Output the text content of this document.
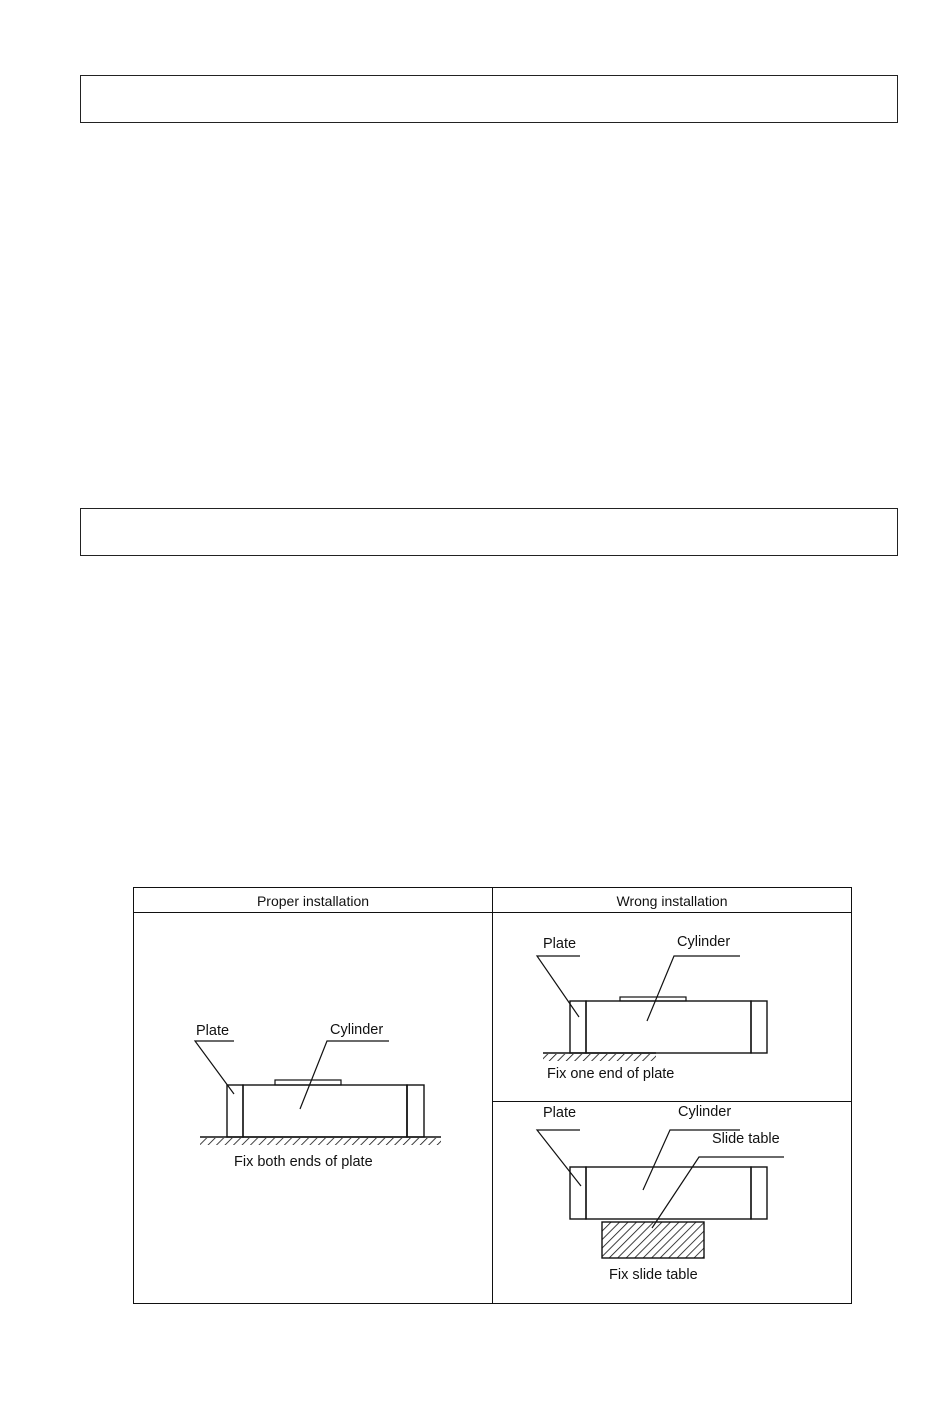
Proper installation	Wrong installation
Plate	Cylinder
Fix both ends of plate
Plate	Cylinder
Fix one end of plate
Plate	Cylinder
Slide table
Fix slide table
